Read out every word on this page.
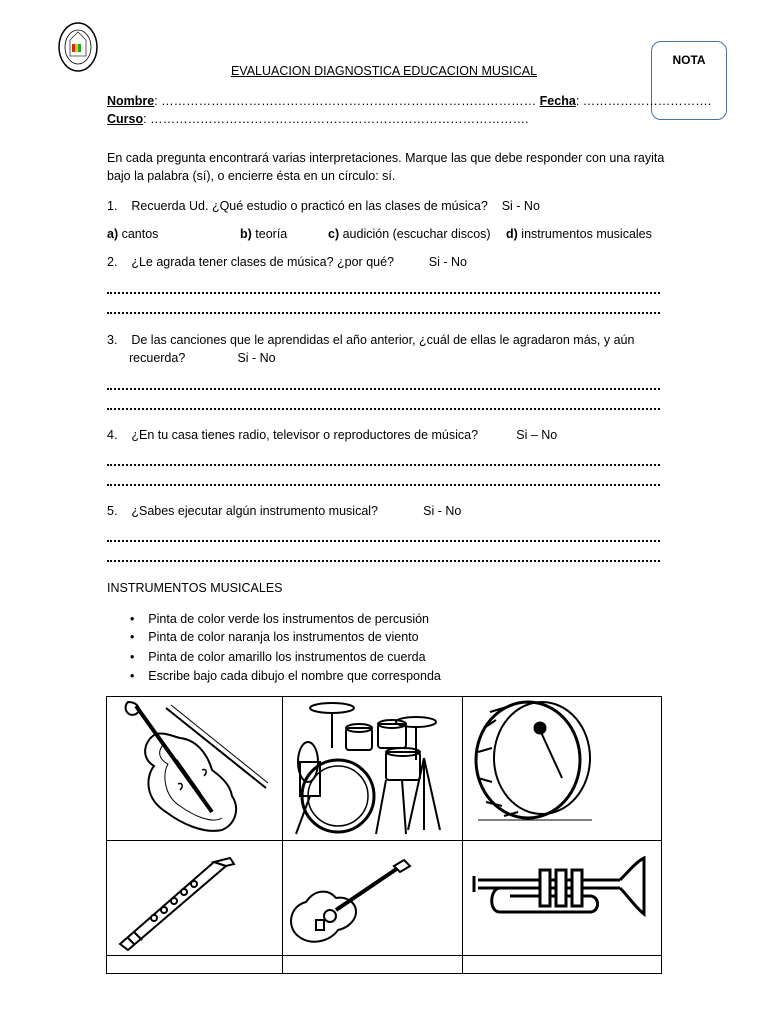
NOTA
EVALUACION DIAGNOSTICA EDUCACION MUSICAL
Nombre: ……………………………………………………………………………… Fecha: ………………………….
Curso: ……………………………………………………………………………….
En cada pregunta encontrará varias interpretaciones. Marque las que debe responder con una rayita
bajo la palabra (sí), o encierre ésta en un círculo: sí.
1. Recuerda Ud. ¿Qué estudio o practicó en las clases de música? Si - No
a) cantos	b) teoría	c) audición (escuchar discos) d) instrumentos musicales
2. ¿Le agrada tener clases de música? ¿por qué?	Si - No
3. De las canciones que le aprendidas el año anterior, ¿cuál de ellas le agradaron más, y aún
recuerda?	Si - No
4. ¿En tu casa tienes radio, televisor o reproductores de música?	Si – No
5. ¿Sabes ejecutar algún instrumento musical?	Si - No
INSTRUMENTOS MUSICALES
• Pinta de color verde los instrumentos de percusión
• Pinta de color naranja los instrumentos de viento
• Pinta de color amarillo los instrumentos de cuerda
• Escribe bajo cada dibujo el nombre que corresponda
